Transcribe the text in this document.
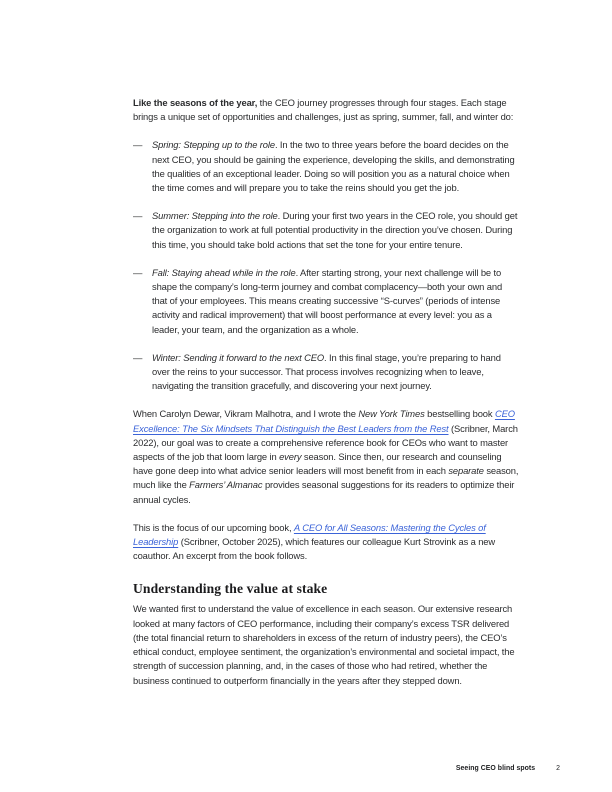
Like the seasons of the year, the CEO journey progresses through four stages. Each stage brings a unique set of opportunities and challenges, just as spring, summer, fall, and winter do:

—	Spring: Stepping up to the role. In the two to three years before the board decides on the next CEO, you should be gaining the experience, developing the skills, and demonstrating the qualities of an exceptional leader. Doing so will position you as a natural choice when the time comes and will prepare you to take the reins should you get the job.
—	Summer: Stepping into the role. During your first two years in the CEO role, you should get the organization to work at full potential productivity in the direction you’ve chosen. During this time, you should take bold actions that set the tone for your entire tenure.
—	Fall: Staying ahead while in the role. After starting strong, your next challenge will be to shape the company’s long-term journey and combat complacency—both your own and that of your employees. This means creating successive “S-curves” (periods of intense activity and radical improvement) that will boost performance at every level: you as a leader, your team, and the organization as a whole.
—	Winter: Sending it forward to the next CEO. In this final stage, you’re preparing to hand over the reins to your successor. That process involves recognizing when to leave, navigating the transition gracefully, and discovering your next journey.

When Carolyn Dewar, Vikram Malhotra, and I wrote the New York Times bestselling book CEO Excellence: The Six Mindsets That Distinguish the Best Leaders from the Rest (Scribner, March 2022), our goal was to create a comprehensive reference book for CEOs who want to master aspects of the job that loom large in every season. Since then, our research and counseling have gone deep into what advice senior leaders will most benefit from in each separate season, much like the Farmers’ Almanac provides seasonal suggestions for its readers to optimize their annual cycles.

This is the focus of our upcoming book, A CEO for All Seasons: Mastering the Cycles of Leadership (Scribner, October 2025), which features our colleague Kurt Strovink as a new coauthor. An excerpt from the book follows.

Understanding the value at stake

We wanted first to understand the value of excellence in each season. Our extensive research looked at many factors of CEO performance, including their company’s excess TSR delivered (the total financial return to shareholders in excess of the return of industry peers), the CEO’s ethical conduct, employee sentiment, the organization’s environmental and societal impact, the strength of succession planning, and, in the cases of those who had retired, whether the business continued to outperform financially in the years after they stepped down.

Seeing CEO blind spots	2
